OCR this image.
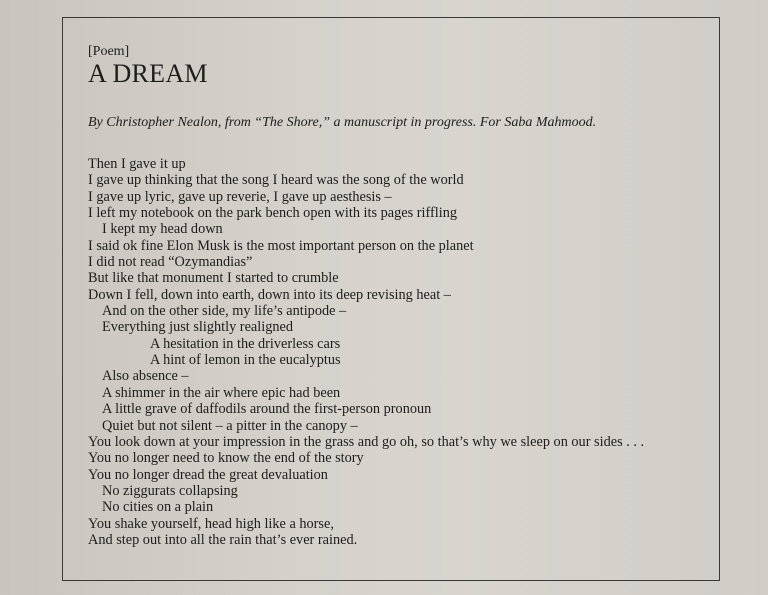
[Poem]

A DREAM
By Christopher Nealon, from “The Shore,” a manuscript in progress. For Saba Mahmood.
Then I gave it up
I gave up thinking that the song I heard was the song of the world
I gave up lyric, gave up reverie, I gave up aesthesis –
I left my notebook on the park bench open with its pages riffling
I kept my head down
I said ok fine Elon Musk is the most important person on the planet
I did not read “Ozymandias”
But like that monument I started to crumble
Down I fell, down into earth, down into its deep revising heat –
And on the other side, my life’s antipode –
Everything just slightly realigned
A hesitation in the driverless cars
A hint of lemon in the eucalyptus
Also absence –
A shimmer in the air where epic had been
A little grave of daffodils around the first-person pronoun
Quiet but not silent – a pitter in the canopy –
You look down at your impression in the grass and go oh, so that’s why we sleep on our sides . . .
You no longer need to know the end of the story
You no longer dread the great devaluation
No ziggurats collapsing
No cities on a plain
You shake yourself, head high like a horse,
And step out into all the rain that’s ever rained.
